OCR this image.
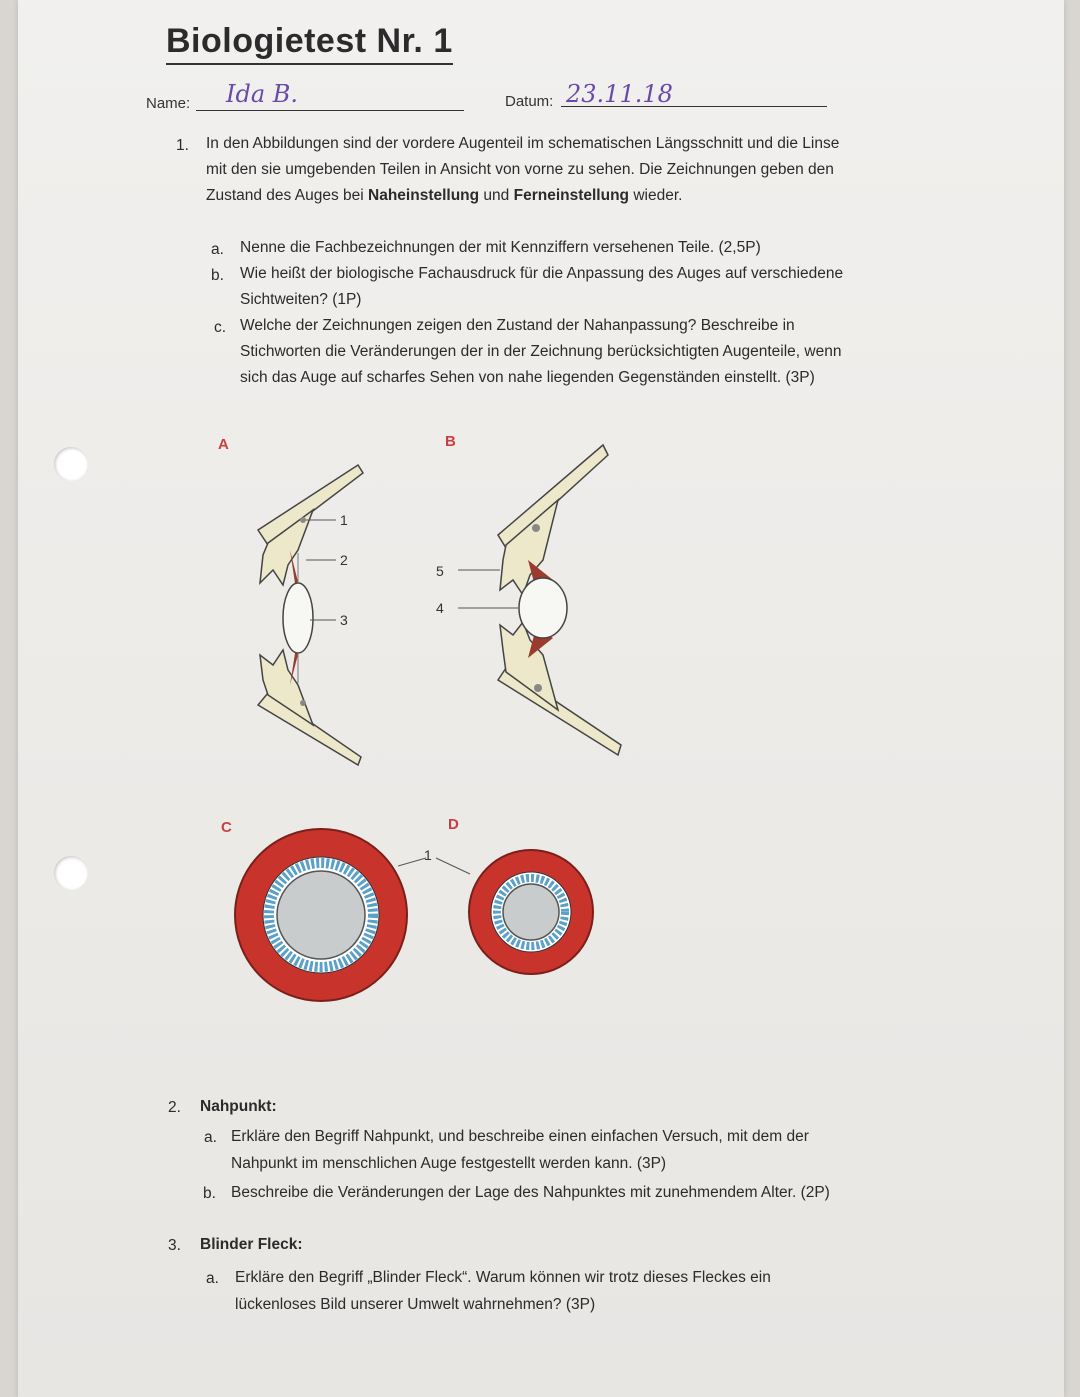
Biologietest Nr. 1
Name: Ida B.	Datum: 23.11.18
1. In den Abbildungen sind der vordere Augenteil im schematischen Längsschnitt und die Linse
mit den sie umgebenden Teilen in Ansicht von vorne zu sehen. Die Zeichnungen geben den
Zustand des Auges bei Naheinstellung und Ferneinstellung wieder.
a. Nenne die Fachbezeichnungen der mit Kennziffern versehenen Teile. (2,5P)
b. Wie heißt der biologische Fachausdruck für die Anpassung des Auges auf verschiedene
Sichtweiten? (1P)
c. Welche der Zeichnungen zeigen den Zustand der Nahanpassung? Beschreibe in
Stichworten die Veränderungen der in der Zeichnung berücksichtigten Augenteile, wenn
sich das Auge auf scharfes Sehen von nahe liegenden Gegenständen einstellt. (3P)
A	B
C	D
1
2
3
5
4
1
2. Nahpunkt:
a. Erkläre den Begriff Nahpunkt, und beschreibe einen einfachen Versuch, mit dem der
Nahpunkt im menschlichen Auge festgestellt werden kann. (3P)
b. Beschreibe die Veränderungen der Lage des Nahpunktes mit zunehmendem Alter. (2P)
3. Blinder Fleck:
a. Erkläre den Begriff „Blinder Fleck“. Warum können wir trotz dieses Fleckes ein
lückenloses Bild unserer Umwelt wahrnehmen? (3P)
